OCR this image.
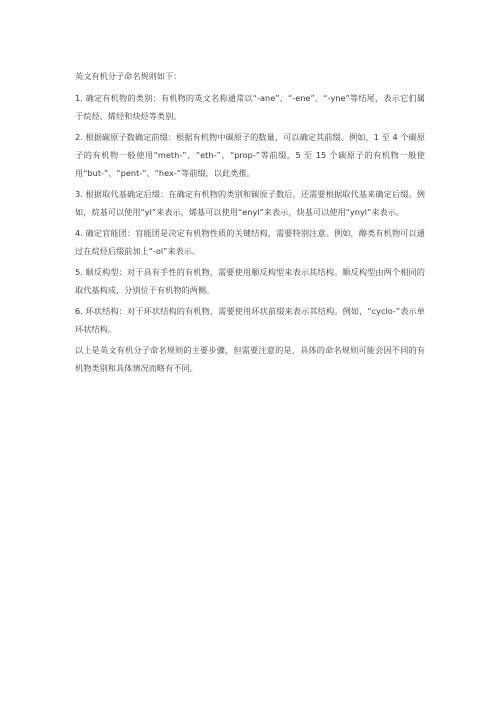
英文有机分子命名规则如下：

1. 确定有机物的类别：有机物的英文名称通常以“-ane”、“-ene”、“-yne”等结尾，表示它们属于烷烃、烯烃和炔烃等类别。

2. 根据碳原子数确定前缀：根据有机物中碳原子的数量，可以确定其前缀。例如，1 至 4 个碳原子的有机物一般使用“meth-”、“eth-”、“prop-”等前缀，5 至 15 个碳原子的有机物一般使用“but-”、“pent-”、“hex-”等前缀，以此类推。

3. 根据取代基确定后缀：在确定有机物的类别和碳原子数后，还需要根据取代基来确定后缀。例如，烷基可以使用“yl”来表示，烯基可以使用“enyl”来表示，炔基可以使用“ynyl”来表示。

4. 确定官能团：官能团是决定有机物性质的关键结构，需要特别注意。例如，醇类有机物可以通过在烷烃后缀前加上“-ol”来表示。

5. 顺反构型：对于具有手性的有机物，需要使用顺反构型来表示其结构。顺反构型由两个相同的取代基构成，分别位于有机物的两侧。

6. 环状结构：对于环状结构的有机物，需要使用环状前缀来表示其结构。例如，“cyclo-”表示单环状结构。

以上是英文有机分子命名规则的主要步骤，但需要注意的是，具体的命名规则可能会因不同的有机物类别和具体情况而略有不同。
